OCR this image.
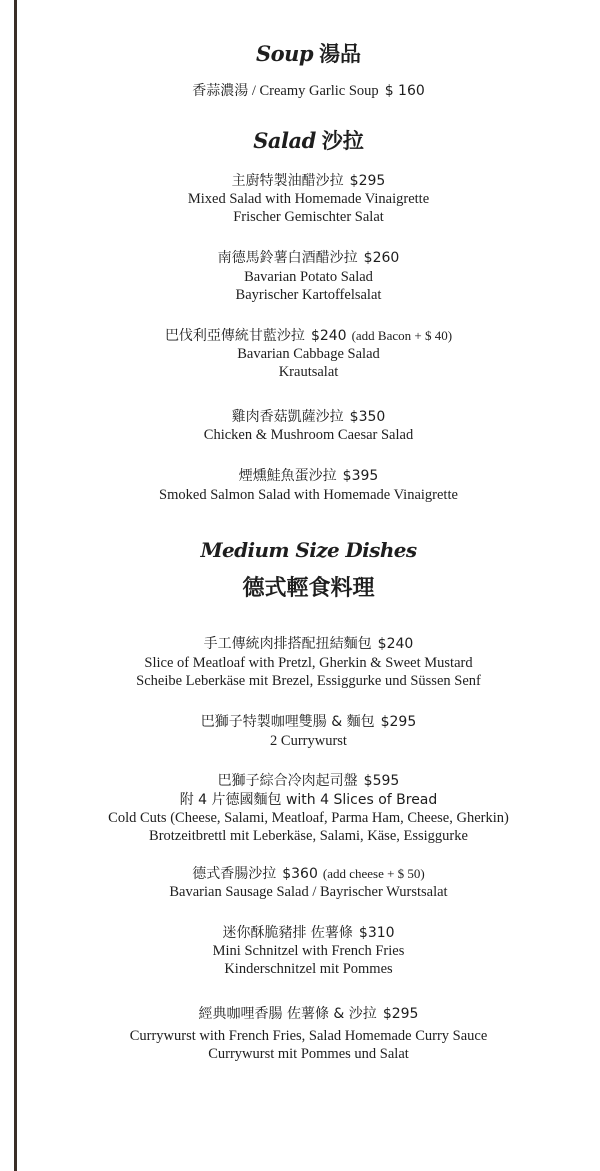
Soup 湯品
香蒜濃湯 / Creamy Garlic Soup $ 160
Salad 沙拉
主廚特製油醋沙拉 $295
Mixed Salad with Homemade Vinaigrette
Frischer Gemischter Salat
南德馬鈴薯白酒醋沙拉 $260
Bavarian Potato Salad
Bayrischer Kartoffelsalat
巴伐利亞傳統甘藍沙拉 $240 (add Bacon + $ 40)
Bavarian Cabbage Salad
Krautsalat
雞肉香菇凱薩沙拉 $350
Chicken & Mushroom Caesar Salad
煙燻鮭魚蛋沙拉 $395
Smoked Salmon Salad with Homemade Vinaigrette
Medium Size Dishes
德式輕食料理
手工傳統肉排搭配扭結麵包 $240
Slice of Meatloaf with Pretzl, Gherkin & Sweet Mustard
Scheibe Leberkäse mit Brezel, Essiggurke und Süssen Senf
巴獅子特製咖哩雙腸 & 麵包 $295
2 Currywurst
巴獅子綜合冷肉起司盤 $595
附 4 片德國麵包 with 4 Slices of Bread
Cold Cuts (Cheese, Salami, Meatloaf, Parma Ham, Cheese, Gherkin)
Brotzeitbrettl mit Leberkäse, Salami, Käse, Essiggurke
德式香腸沙拉 $360 (add cheese + $ 50)
Bavarian Sausage Salad / Bayrischer Wurstsalat
迷你酥脆豬排 佐薯條 $310
Mini Schnitzel with French Fries
Kinderschnitzel mit Pommes
經典咖哩香腸 佐薯條 & 沙拉 $295
Currywurst with French Fries, Salad Homemade Curry Sauce
Currywurst mit Pommes und Salat
